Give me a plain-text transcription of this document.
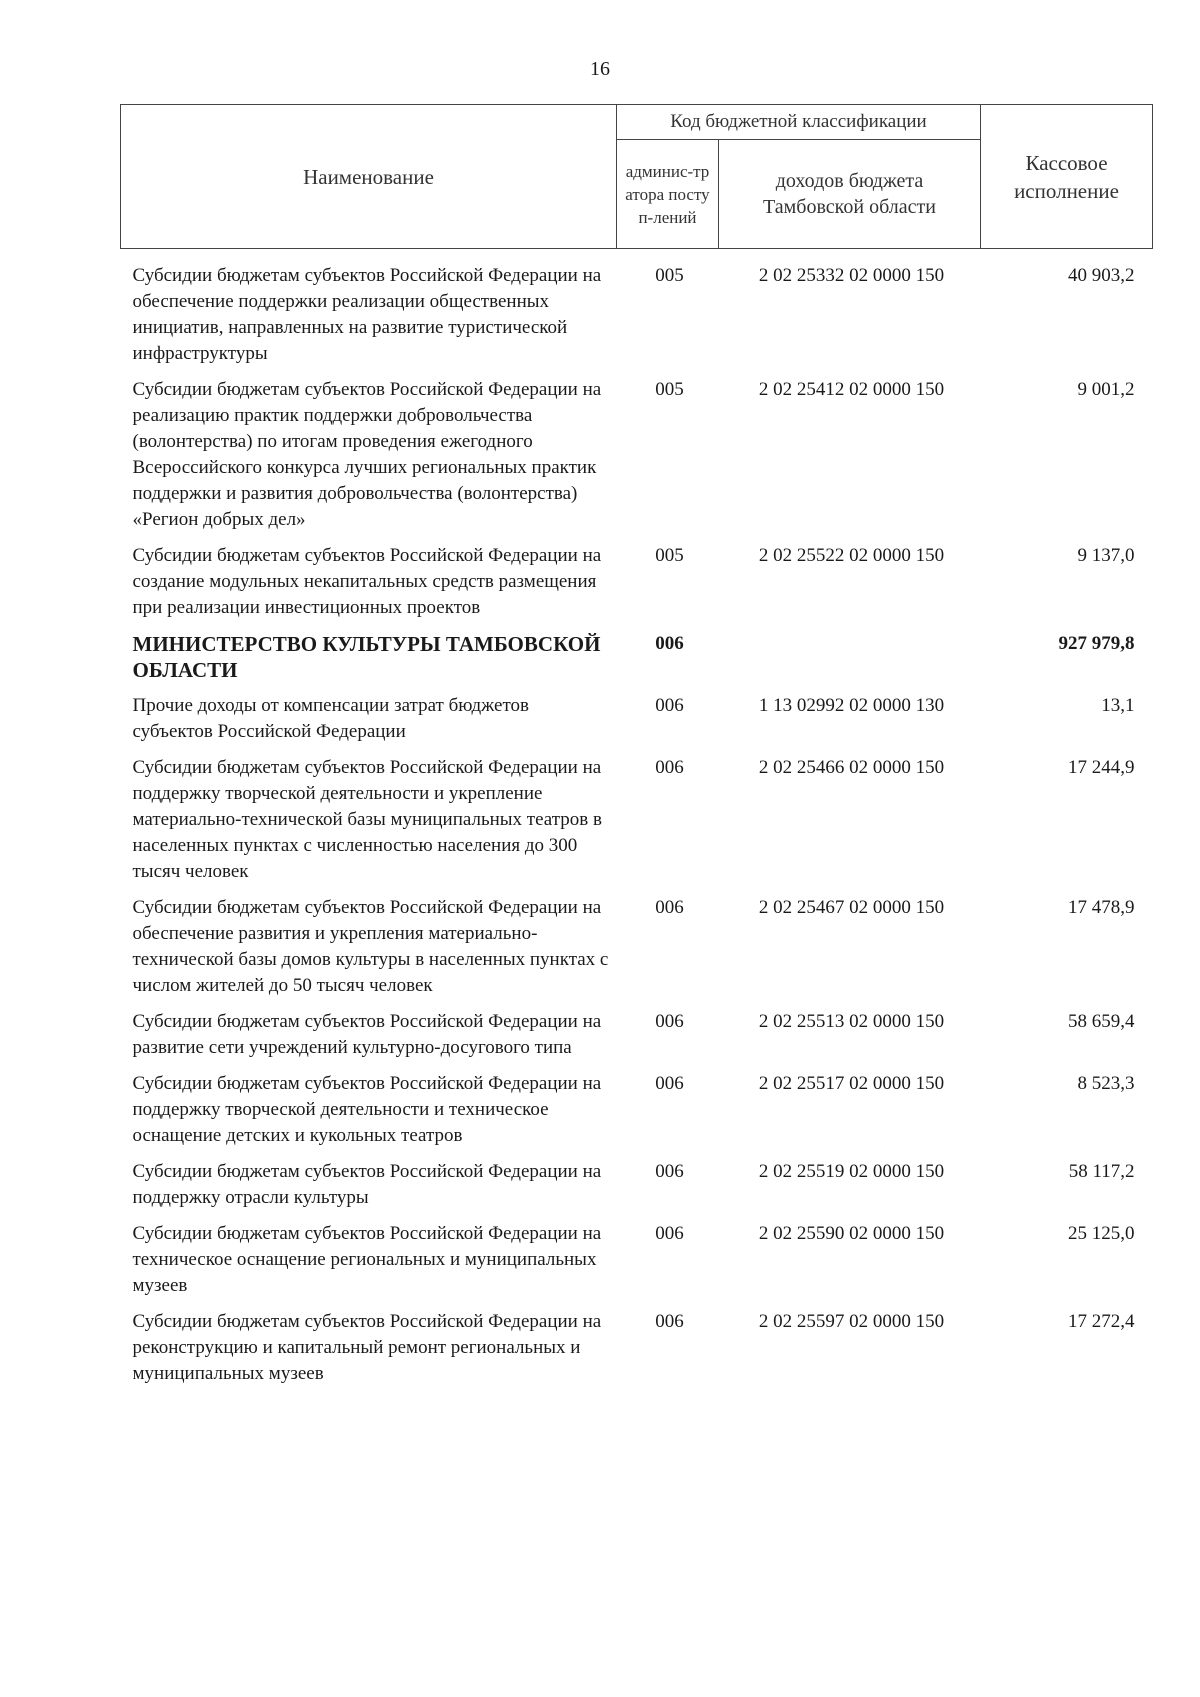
16
Наименование	Код бюджетной классификации		Кассовое исполнение

	админис-тратора поступ-лений	доходов бюджета Тамбовской области	

Субсидии бюджетам субъектов Российской Федерации на обеспечение поддержки реализации общественных инициатив, направленных на развитие туристической инфраструктуры	005	2 02 25332 02 0000 150	40 903,2
Субсидии бюджетам субъектов Российской Федерации на реализацию практик поддержки добровольчества (волонтерства) по итогам проведения ежегодного Всероссийского конкурса лучших региональных практик поддержки и развития добровольчества (волонтерства) «Регион добрых дел»	005	2 02 25412 02 0000 150	9 001,2
Субсидии бюджетам субъектов Российской Федерации на создание модульных некапитальных средств размещения при реализации инвестиционных проектов	005	2 02 25522 02 0000 150	9 137,0
МИНИСТЕРСТВО КУЛЬТУРЫ ТАМБОВСКОЙ ОБЛАСТИ	006		927 979,8
Прочие доходы от компенсации затрат бюджетов субъектов Российской Федерации	006	1 13 02992 02 0000 130	13,1
Субсидии бюджетам субъектов Российской Федерации на поддержку творческой деятельности и укрепление материально-технической базы муниципальных театров в населенных пунктах с численностью населения до 300 тысяч человек	006	2 02 25466 02 0000 150	17 244,9
Субсидии бюджетам субъектов Российской Федерации на обеспечение развития и укрепления материально-технической базы домов культуры в населенных пунктах с числом жителей до 50 тысяч человек	006	2 02 25467 02 0000 150	17 478,9
Субсидии бюджетам субъектов Российской Федерации на развитие сети учреждений культурно-досугового типа	006	2 02 25513 02 0000 150	58 659,4
Субсидии бюджетам субъектов Российской Федерации на поддержку творческой деятельности и техническое оснащение детских и кукольных театров	006	2 02 25517 02 0000 150	8 523,3
Субсидии бюджетам субъектов Российской Федерации на поддержку отрасли культуры	006	2 02 25519 02 0000 150	58 117,2
Субсидии бюджетам субъектов Российской Федерации на техническое оснащение региональных и муниципальных музеев	006	2 02 25590 02 0000 150	25 125,0
Субсидии бюджетам субъектов Российской Федерации на реконструкцию и капитальный ремонт региональных и муниципальных музеев	006	2 02 25597 02 0000 150	17 272,4
